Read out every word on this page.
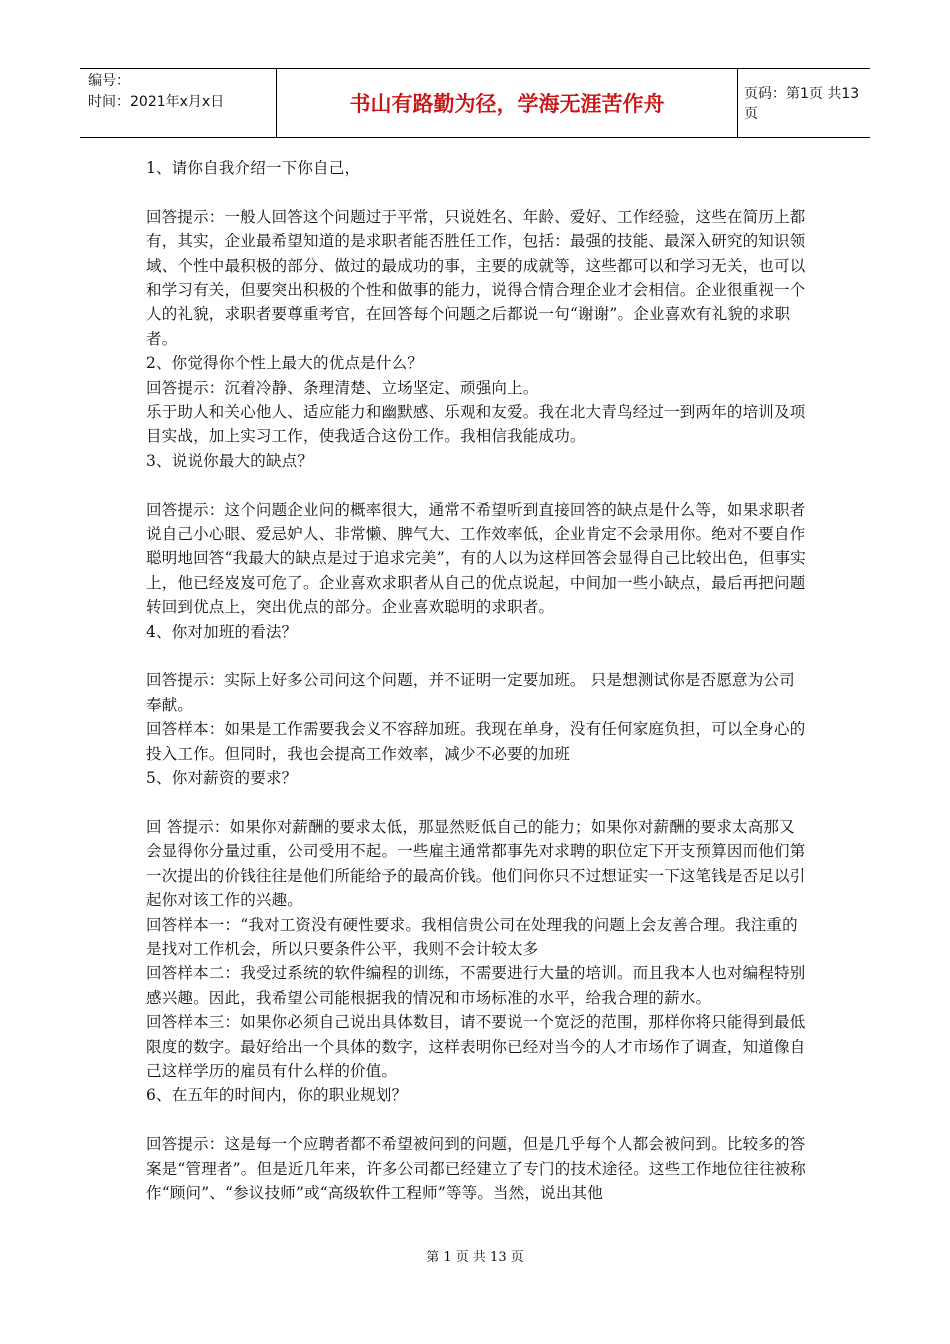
编号：
时间：2021年x月x日	书山有路勤为径，学海无涯苦作舟	页码：第1页 共13页

1、请你自我介绍一下你自己，

回答提示：一般人回答这个问题过于平常，只说姓名、年龄、爱好、工作经验，这些在简历上都有，其实，企业最希望知道的是求职者能否胜任工作，包括：最强的技能、最深入研究的知识领域、个性中最积极的部分、做过的最成功的事，主要的成就等，这些都可以和学习无关，也可以和学习有关，但要突出积极的个性和做事的能力，说得合情合理企业才会相信。企业很重视一个人的礼貌，求职者要尊重考官，在回答每个问题之后都说一句“谢谢”。企业喜欢有礼貌的求职者。

2、你觉得你个性上最大的优点是什么？

回答提示：沉着冷静、条理清楚、立场坚定、顽强向上。

乐于助人和关心他人、适应能力和幽默感、乐观和友爱。我在北大青鸟经过一到两年的培训及项目实战，加上实习工作，使我适合这份工作。我相信我能成功。

3、说说你最大的缺点？

回答提示：这个问题企业问的概率很大，通常不希望听到直接回答的缺点是什么等，如果求职者说自己小心眼、爱忌妒人、非常懒、脾气大、工作效率低，企业肯定不会录用你。绝对不要自作聪明地回答“我最大的缺点是过于追求完美”，有的人以为这样回答会显得自己比较出色，但事实上，他已经岌岌可危了。企业喜欢求职者从自己的优点说起，中间加一些小缺点，最后再把问题转回到优点上，突出优点的部分。企业喜欢聪明的求职者。

4、你对加班的看法？

回答提示：实际上好多公司问这个问题，并不证明一定要加班。 只是想测试你是否愿意为公司奉献。

回答样本：如果是工作需要我会义不容辞加班。我现在单身，没有任何家庭负担，可以全身心的投入工作。但同时，我也会提高工作效率，减少不必要的加班

5、你对薪资的要求？

回 答提示：如果你对薪酬的要求太低，那显然贬低自己的能力；如果你对薪酬的要求太高那又会显得你分量过重，公司受用不起。一些雇主通常都事先对求聘的职位定下开支预算因而他们第一次提出的价钱往往是他们所能给予的最高价钱。他们问你只不过想证实一下这笔钱是否足以引起你对该工作的兴趣。

回答样本一：“我对工资没有硬性要求。我相信贵公司在处理我的问题上会友善合理。我注重的是找对工作机会，所以只要条件公平，我则不会计较太多

回答样本二：我受过系统的软件编程的训练，不需要进行大量的培训。而且我本人也对编程特别感兴趣。因此，我希望公司能根据我的情况和市场标准的水平，给我合理的薪水。

回答样本三：如果你必须自己说出具体数目，请不要说一个宽泛的范围，那样你将只能得到最低限度的数字。最好给出一个具体的数字，这样表明你已经对当今的人才市场作了调查，知道像自己这样学历的雇员有什么样的价值。

6、在五年的时间内，你的职业规划？

回答提示：这是每一个应聘者都不希望被问到的问题，但是几乎每个人都会被问到。比较多的答案是“管理者”。但是近几年来，许多公司都已经建立了专门的技术途径。这些工作地位往往被称作“顾问”、“参议技师”或“高级软件工程师”等等。当然，说出其他

第 1 页 共 13 页
